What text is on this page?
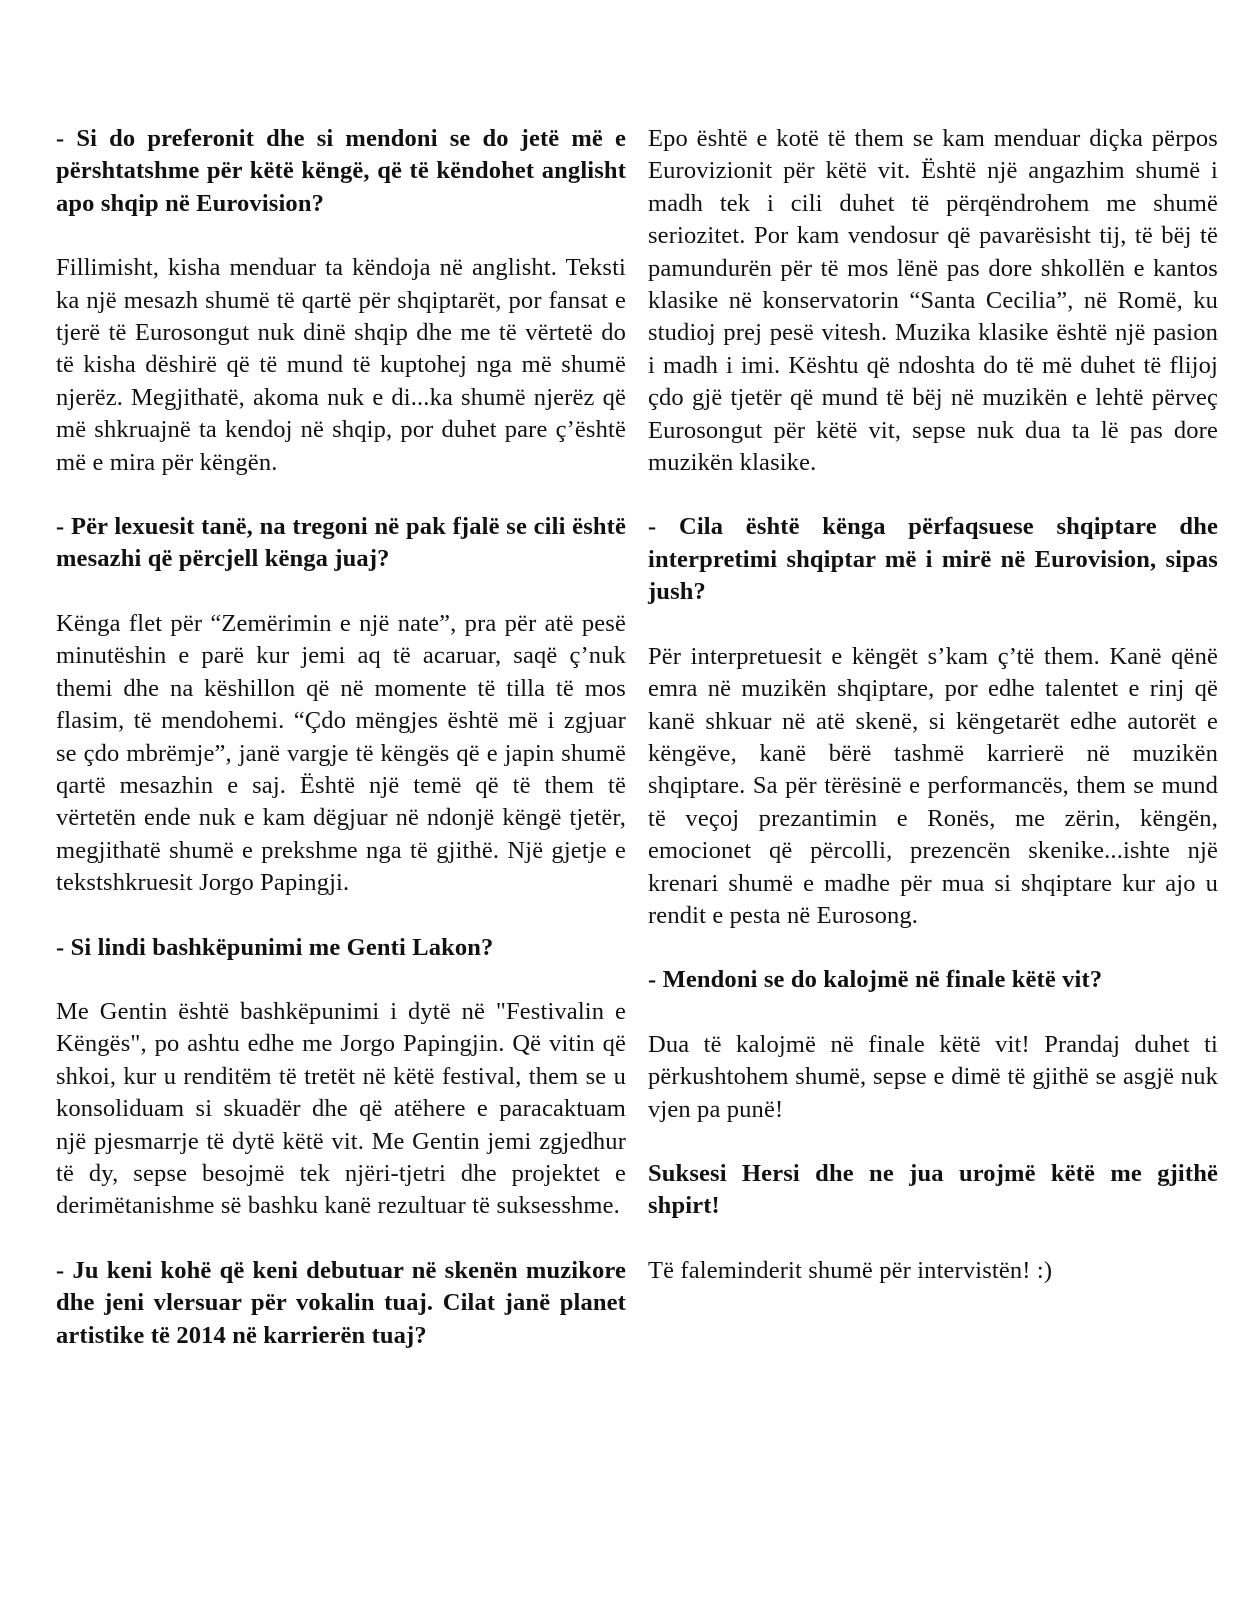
- Si do preferonit dhe si mendoni se do jetë më e përshtatshme për këtë këngë, që të këndohet anglisht apo shqip në Eurovision?

Fillimisht, kisha menduar ta këndoja në anglisht. Teksti ka një mesazh shumë të qartë për shqiptarët, por fansat e tjerë të Eurosongut nuk dinë shqip dhe me të vërtetë do të kisha dëshirë që të mund të kuptohej nga më shumë njerëz. Megjithatë, akoma nuk e di...ka shumë njerëz që më shkruajnë ta kendoj në shqip, por duhet pare ç’është më e mira për këngën.

- Për lexuesit tanë, na tregoni në pak fjalë se cili është mesazhi që përcjell kënga juaj?

Kënga flet për “Zemërimin e një nate”, pra për atë pesë minutëshin e parë kur jemi aq të acaruar, saqë ç’nuk themi dhe na këshillon që në momente të tilla të mos flasim, të mendohemi. “Çdo mëngjes është më i zgjuar se çdo mbrëmje”, janë vargje të këngës që e japin shumë qartë mesazhin e saj. Është një temë që të them të vërtetën ende nuk e kam dëgjuar në ndonjë këngë tjetër, megjithatë shumë e prekshme nga të gjithë. Një gjetje e tekstshkruesit Jorgo Papingji.

- Si lindi bashkëpunimi me Genti Lakon?

Me Gentin është bashkëpunimi i dytë në "Festivalin e Këngës", po ashtu edhe me Jorgo Papingjin. Që vitin që shkoi, kur u renditëm të tretët në këtë festival, them se u konsoliduam si skuadër dhe që atëhere e paracaktuam një pjesmarrje të dytë këtë vit. Me Gentin jemi zgjedhur të dy, sepse besojmë tek njëri-tjetri dhe projektet e derimëtanishme së bashku kanë rezultuar të suksesshme.

- Ju keni kohë që keni debutuar në skenën muzikore dhe jeni vlersuar për vokalin tuaj. Cilat janë planet artistike të 2014 në karrierën tuaj?

Epo është e kotë të them se kam menduar diçka përpos Eurovizionit për këtë vit. Është një angazhim shumë i madh tek i cili duhet të përqëndrohem me shumë seriozitet. Por kam vendosur që pavarësisht tij, të bëj të pamundurën për të mos lënë pas dore shkollën e kantos klasike në konservatorin “Santa Cecilia”, në Romë, ku studioj prej pesë vitesh. Muzika klasike është një pasion i madh i imi. Kështu që ndoshta do të më duhet të flijoj çdo gjë tjetër që mund të bëj në muzikën e lehtë përveç Eurosongut për këtë vit, sepse nuk dua ta lë pas dore muzikën klasike.

- Cila është kënga përfaqsuese shqiptare dhe interpretimi shqiptar më i mirë në Eurovision, sipas jush?

Për interpretuesit e këngët s’kam ç’të them. Kanë qënë emra në muzikën shqiptare, por edhe talentet e rinj që kanë shkuar në atë skenë, si këngetarët edhe autorët e këngëve, kanë bërë tashmë karrierë në muzikën shqiptare. Sa për tërësinë e performancës, them se mund të veçoj prezantimin e Ronës, me zërin, këngën, emocionet që përcolli, prezencën skenike...ishte një krenari shumë e madhe për mua si shqiptare kur ajo u rendit e pesta në Eurosong.

- Mendoni se do kalojmë në finale këtë vit?

Dua të kalojmë në finale këtë vit! Prandaj duhet ti përkushtohem shumë, sepse e dimë të gjithë se asgjë nuk vjen pa punë!

Suksesi Hersi dhe ne jua urojmë këtë me gjithë shpirt!

Të faleminderit shumë për intervistën! :)
